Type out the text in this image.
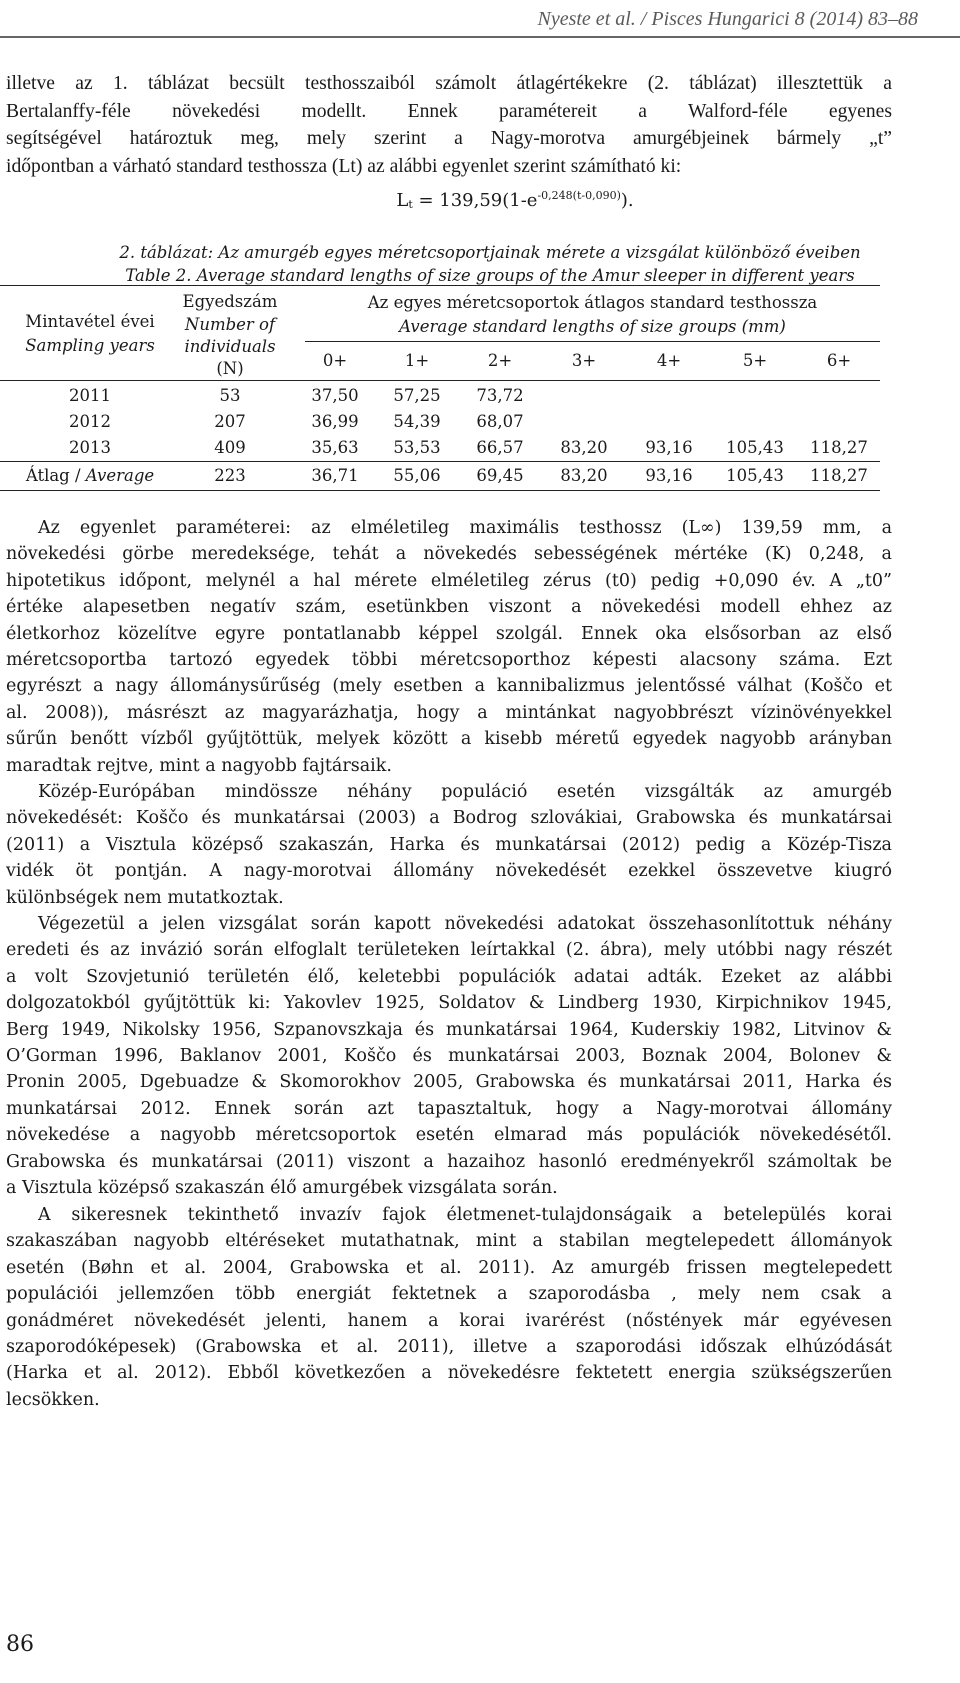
Nyeste et al. / Pisces Hungarici 8 (2014) 83–88
illetve az 1. táblázat becsült testhosszaiból számolt átlagértékekre (2. táblázat) illesztettük a
Bertalanffy-féle növekedési modellt. Ennek paramétereit a Walford-féle egyenes
segítségével határoztuk meg, mely szerint a Nagy-morotva amurgébjeinek bármely „t”
időpontban a várható standard testhossza (Lt) az alábbi egyenlet szerint számítható ki:
$L_t = 139,59(1-e^{-0,248(t-0,090)})$.
2. táblázat: Az amurgéb egyes méretcsoportjainak mérete a vizsgálat különböző éveiben
Table 2. Average standard lengths of size groups of the Amur sleeper in different years
Mintavétel évei
Sampling years
Egyedszám
Number of
individuals
(N)
Az egyes méretcsoportok átlagos standard testhossza
Average standard lengths of size groups (mm)
0+	1+	2+	3+	4+	5+	6+
2011	53	37,50	57,25	73,72
2012	207	36,99	54,39	68,07
2013	409	35,63	53,53	66,57	83,20	93,16	105,43	118,27
Átlag / Average	223	36,71	55,06	69,45	83,20	93,16	105,43	118,27
Az egyenlet paraméterei: az elméletileg maximális testhossz (L∞) 139,59 mm, a
növekedési görbe meredeksége, tehát a növekedés sebességének mértéke (K) 0,248, a
hipotetikus időpont, melynél a hal mérete elméletileg zérus (t0) pedig +0,090 év. A „t0”
értéke alapesetben negatív szám, esetünkben viszont a növekedési modell ehhez az
életkorhoz közelítve egyre pontatlanabb képpel szolgál. Ennek oka elsősorban az első
méretcsoportba tartozó egyedek többi méretcsoporthoz képesti alacsony száma. Ezt
egyrészt a nagy állománysűrűség (mely esetben a kannibalizmus jelentőssé válhat (Koščo et
al. 2008)), másrészt az magyarázhatja, hogy a mintánkat nagyobbrészt vízinövényekkel
sűrűn benőtt vízből gyűjtöttük, melyek között a kisebb méretű egyedek nagyobb arányban
maradtak rejtve, mint a nagyobb fajtársaik.
Közép-Európában mindössze néhány populáció esetén vizsgálták az amurgéb
növekedését: Koščo és munkatársai (2003) a Bodrog szlovákiai, Grabowska és munkatársai
(2011) a Visztula középső szakaszán, Harka és munkatársai (2012) pedig a Közép-Tisza
vidék öt pontján. A nagy-morotvai állomány növekedését ezekkel összevetve kiugró
különbségek nem mutatkoztak.
Végezetül a jelen vizsgálat során kapott növekedési adatokat összehasonlítottuk néhány
eredeti és az invázió során elfoglalt területeken leírtakkal (2. ábra), mely utóbbi nagy részét
a volt Szovjetunió területén élő, keletebbi populációk adatai adták. Ezeket az alábbi
dolgozatokból gyűjtöttük ki: Yakovlev 1925, Soldatov & Lindberg 1930, Kirpichnikov 1945,
Berg 1949, Nikolsky 1956, Szpanovszkaja és munkatársai 1964, Kuderskiy 1982, Litvinov &
O’Gorman 1996, Baklanov 2001, Koščo és munkatársai 2003, Boznak 2004, Bolonev &
Pronin 2005, Dgebuadze & Skomorokhov 2005, Grabowska és munkatársai 2011, Harka és
munkatársai 2012. Ennek során azt tapasztaltuk, hogy a Nagy-morotvai állomány
növekedése a nagyobb méretcsoportok esetén elmarad más populációk növekedésétől.
Grabowska és munkatársai (2011) viszont a hazaihoz hasonló eredményekről számoltak be
a Visztula középső szakaszán élő amurgébek vizsgálata során.
A sikeresnek tekinthető invazív fajok életmenet-tulajdonságaik a betelepülés korai
szakaszában nagyobb eltéréseket mutathatnak, mint a stabilan megtelepedett állományok
esetén (Bøhn et al. 2004, Grabowska et al. 2011). Az amurgéb frissen megtelepedett
populációi jellemzően több energiát fektetnek a szaporodásba , mely nem csak a
gonádméret növekedését jelenti, hanem a korai ivarérést (nőstények már egyévesen
szaporodóképesek) (Grabowska et al. 2011), illetve a szaporodási időszak elhúzódását
(Harka et al. 2012). Ebből következően a növekedésre fektetett energia szükségszerűen
lecsökken.
86
